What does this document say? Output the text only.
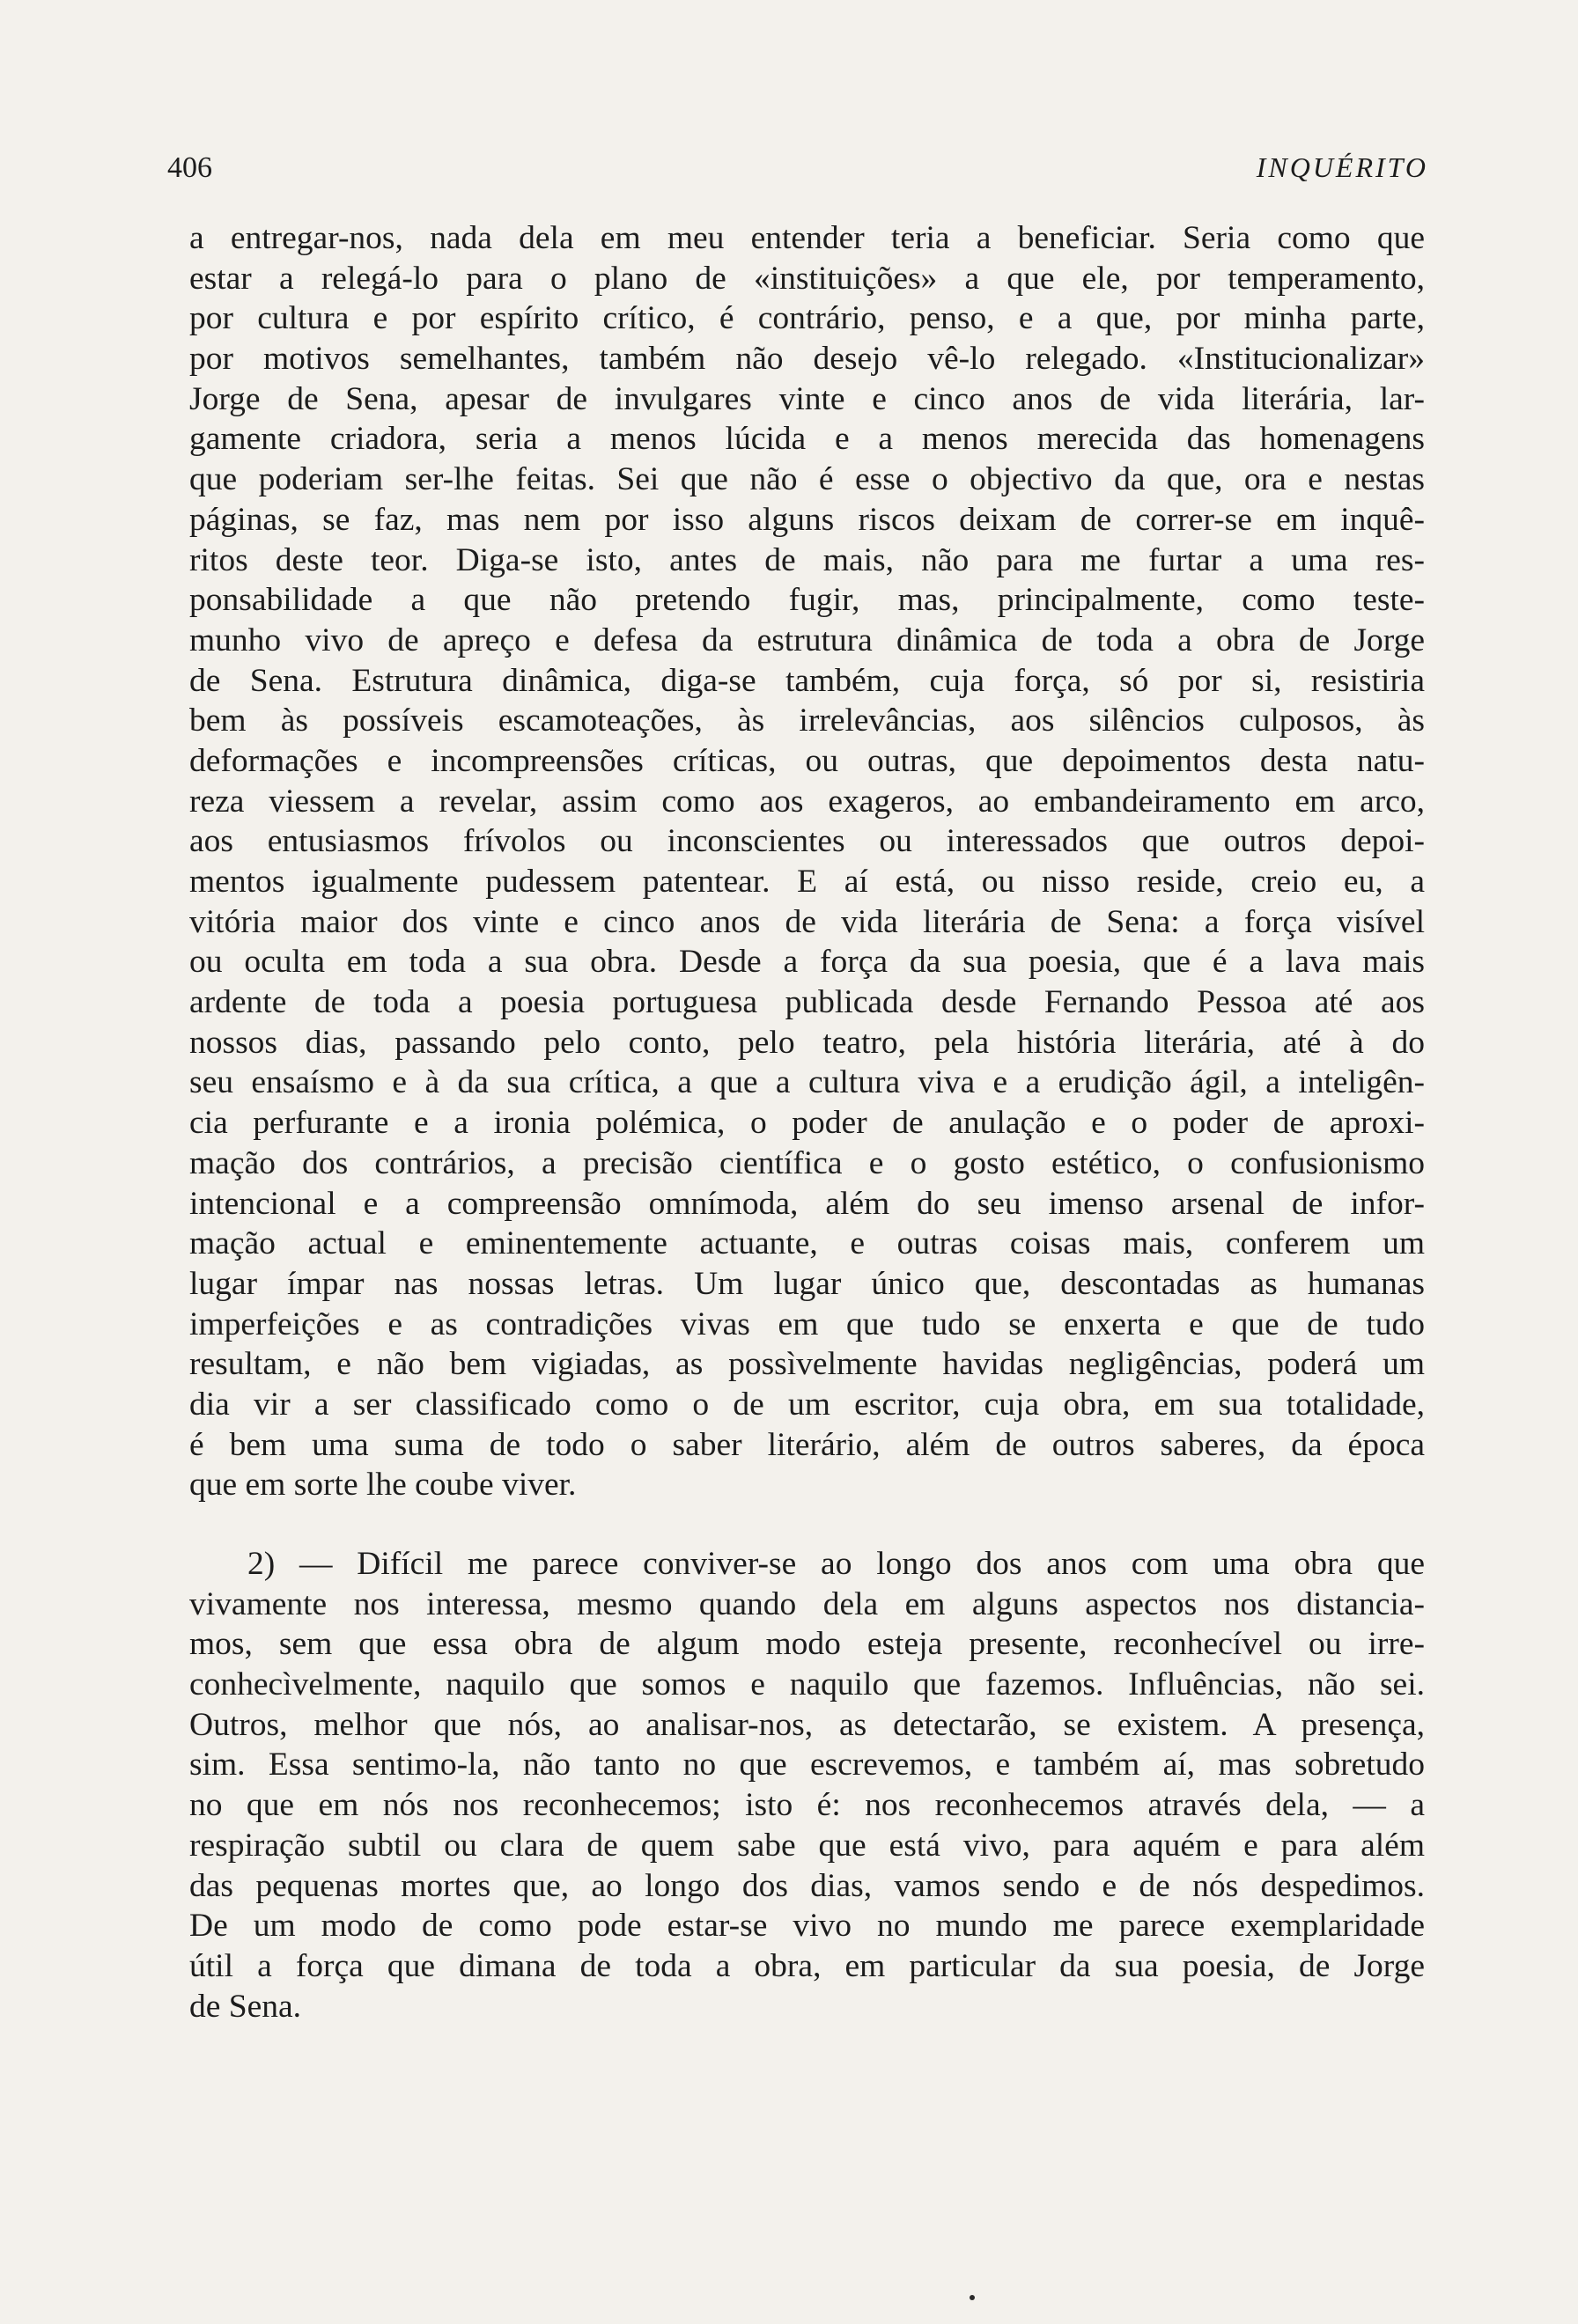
406	INQUÉRITO
a entregar-nos, nada dela em meu entender teria a beneficiar. Seria como que
estar a relegá-lo para o plano de «instituições» a que ele, por temperamento,
por cultura e por espírito crítico, é contrário, penso, e a que, por minha parte,
por motivos semelhantes, também não desejo vê-lo relegado. «Institucionalizar»
Jorge de Sena, apesar de invulgares vinte e cinco anos de vida literária, lar-
gamente criadora, seria a menos lúcida e a menos merecida das homenagens
que poderiam ser-lhe feitas. Sei que não é esse o objectivo da que, ora e nestas
páginas, se faz, mas nem por isso alguns riscos deixam de correr-se em inquê-
ritos deste teor. Diga-se isto, antes de mais, não para me furtar a uma res-
ponsabilidade a que não pretendo fugir, mas, principalmente, como teste-
munho vivo de apreço e defesa da estrutura dinâmica de toda a obra de Jorge
de Sena. Estrutura dinâmica, diga-se também, cuja força, só por si, resistiria
bem às possíveis escamoteações, às irrelevâncias, aos silêncios culposos, às
deformações e incompreensões críticas, ou outras, que depoimentos desta natu-
reza viessem a revelar, assim como aos exageros, ao embandeiramento em arco,
aos entusiasmos frívolos ou inconscientes ou interessados que outros depoi-
mentos igualmente pudessem patentear. E aí está, ou nisso reside, creio eu, a
vitória maior dos vinte e cinco anos de vida literária de Sena: a força visível
ou oculta em toda a sua obra. Desde a força da sua poesia, que é a lava mais
ardente de toda a poesia portuguesa publicada desde Fernando Pessoa até aos
nossos dias, passando pelo conto, pelo teatro, pela história literária, até à do
seu ensaísmo e à da sua crítica, a que a cultura viva e a erudição ágil, a inteligên-
cia perfurante e a ironia polémica, o poder de anulação e o poder de aproxi-
mação dos contrários, a precisão científica e o gosto estético, o confusionismo
intencional e a compreensão omnímoda, além do seu imenso arsenal de infor-
mação actual e eminentemente actuante, e outras coisas mais, conferem um
lugar ímpar nas nossas letras. Um lugar único que, descontadas as humanas
imperfeições e as contradições vivas em que tudo se enxerta e que de tudo
resultam, e não bem vigiadas, as possìvelmente havidas negligências, poderá um
dia vir a ser classificado como o de um escritor, cuja obra, em sua totalidade,
é bem uma suma de todo o saber literário, além de outros saberes, da época
que em sorte lhe coube viver.
2) — Difícil me parece conviver-se ao longo dos anos com uma obra que
vivamente nos interessa, mesmo quando dela em alguns aspectos nos distancia-
mos, sem que essa obra de algum modo esteja presente, reconhecível ou irre-
conhecìvelmente, naquilo que somos e naquilo que fazemos. Influências, não sei.
Outros, melhor que nós, ao analisar-nos, as detectarão, se existem. A presença,
sim. Essa sentimo-la, não tanto no que escrevemos, e também aí, mas sobretudo
no que em nós nos reconhecemos; isto é: nos reconhecemos através dela, — a
respiração subtil ou clara de quem sabe que está vivo, para aquém e para além
das pequenas mortes que, ao longo dos dias, vamos sendo e de nós despedimos.
De um modo de como pode estar-se vivo no mundo me parece exemplaridade
útil a força que dimana de toda a obra, em particular da sua poesia, de Jorge
de Sena.
